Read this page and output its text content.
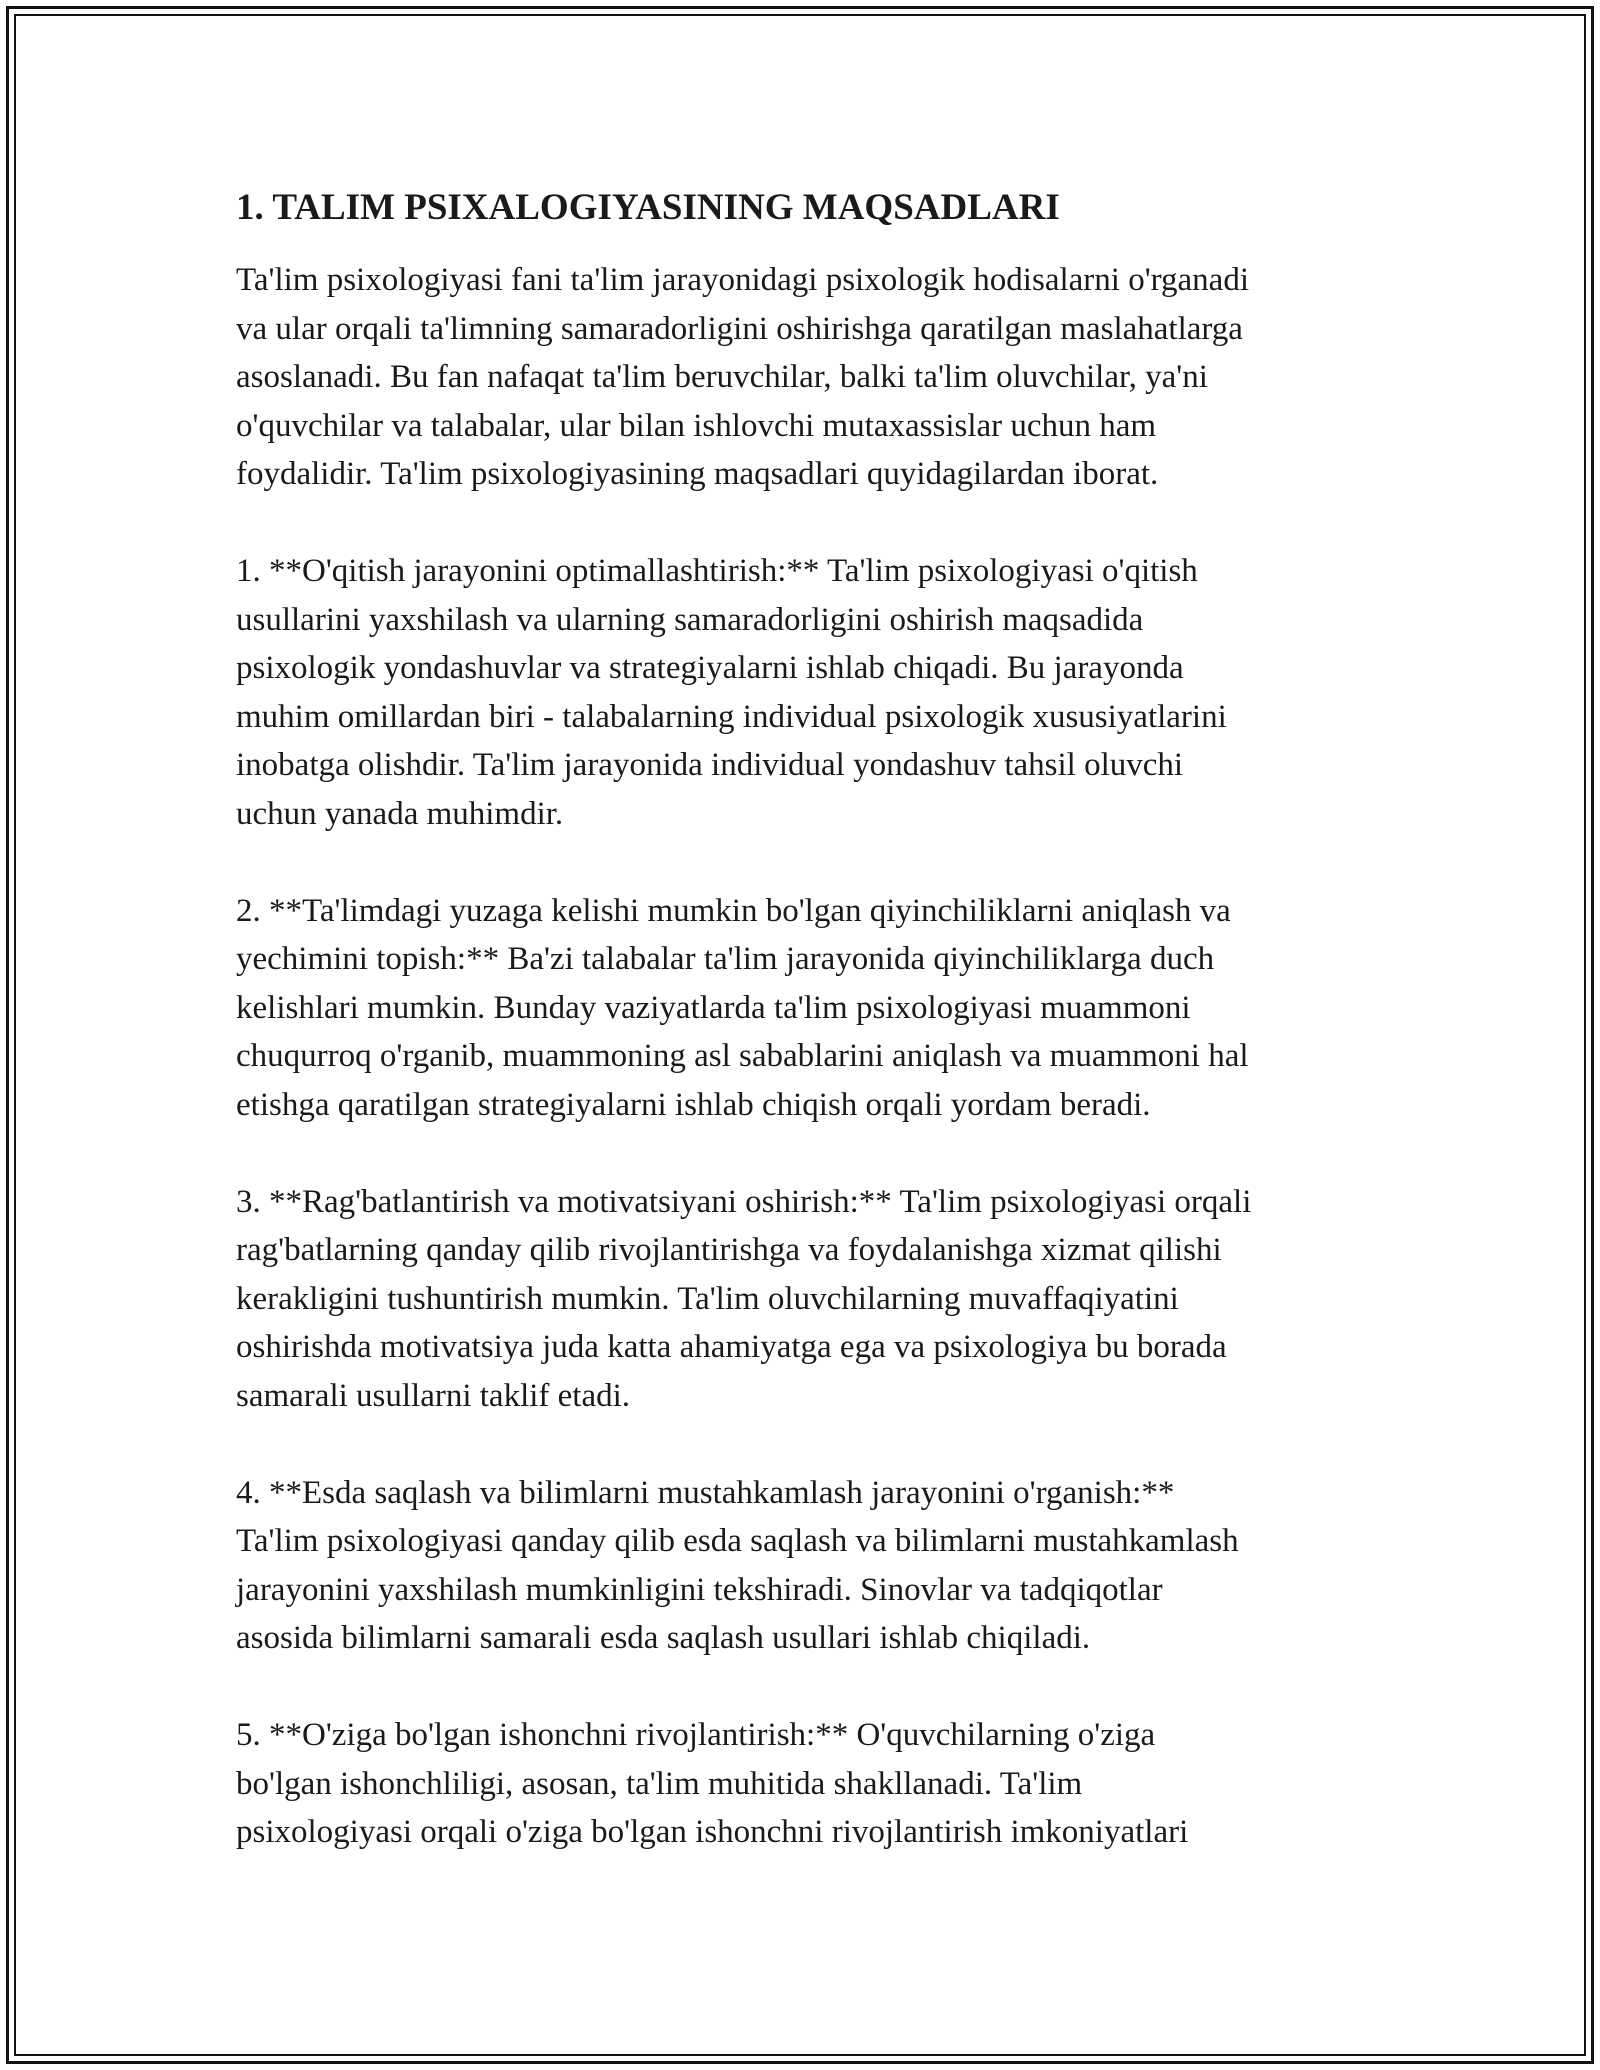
1. TALIM PSIXALOGIYASINING MAQSADLARI

Ta'lim psixologiyasi fani ta'lim jarayonidagi psixologik hodisalarni o'rganadi
va ular orqali ta'limning samaradorligini oshirishga qaratilgan maslahatlarga
asoslanadi. Bu fan nafaqat ta'lim beruvchilar, balki ta'lim oluvchilar, ya'ni
o'quvchilar va talabalar, ular bilan ishlovchi mutaxassislar uchun ham
foydalidir. Ta'lim psixologiyasining maqsadlari quyidagilardan iborat.

1. **O'qitish jarayonini optimallashtirish:** Ta'lim psixologiyasi o'qitish
usullarini yaxshilash va ularning samaradorligini oshirish maqsadida
psixologik yondashuvlar va strategiyalarni ishlab chiqadi. Bu jarayonda
muhim omillardan biri - talabalarning individual psixologik xususiyatlarini
inobatga olishdir. Ta'lim jarayonida individual yondashuv tahsil oluvchi
uchun yanada muhimdir.

2. **Ta'limdagi yuzaga kelishi mumkin bo'lgan qiyinchiliklarni aniqlash va
yechimini topish:** Ba'zi talabalar ta'lim jarayonida qiyinchiliklarga duch
kelishlari mumkin. Bunday vaziyatlarda ta'lim psixologiyasi muammoni
chuqurroq o'rganib, muammoning asl sabablarini aniqlash va muammoni hal
etishga qaratilgan strategiyalarni ishlab chiqish orqali yordam beradi.

3. **Rag'batlantirish va motivatsiyani oshirish:** Ta'lim psixologiyasi orqali
rag'batlarning qanday qilib rivojlantirishga va foydalanishga xizmat qilishi
kerakligini tushuntirish mumkin. Ta'lim oluvchilarning muvaffaqiyatini
oshirishda motivatsiya juda katta ahamiyatga ega va psixologiya bu borada
samarali usullarni taklif etadi.

4. **Esda saqlash va bilimlarni mustahkamlash jarayonini o'rganish:**
Ta'lim psixologiyasi qanday qilib esda saqlash va bilimlarni mustahkamlash
jarayonini yaxshilash mumkinligini tekshiradi. Sinovlar va tadqiqotlar
asosida bilimlarni samarali esda saqlash usullari ishlab chiqiladi.

5. **O'ziga bo'lgan ishonchni rivojlantirish:** O'quvchilarning o'ziga
bo'lgan ishonchliligi, asosan, ta'lim muhitida shakllanadi. Ta'lim
psixologiyasi orqali o'ziga bo'lgan ishonchni rivojlantirish imkoniyatlari
